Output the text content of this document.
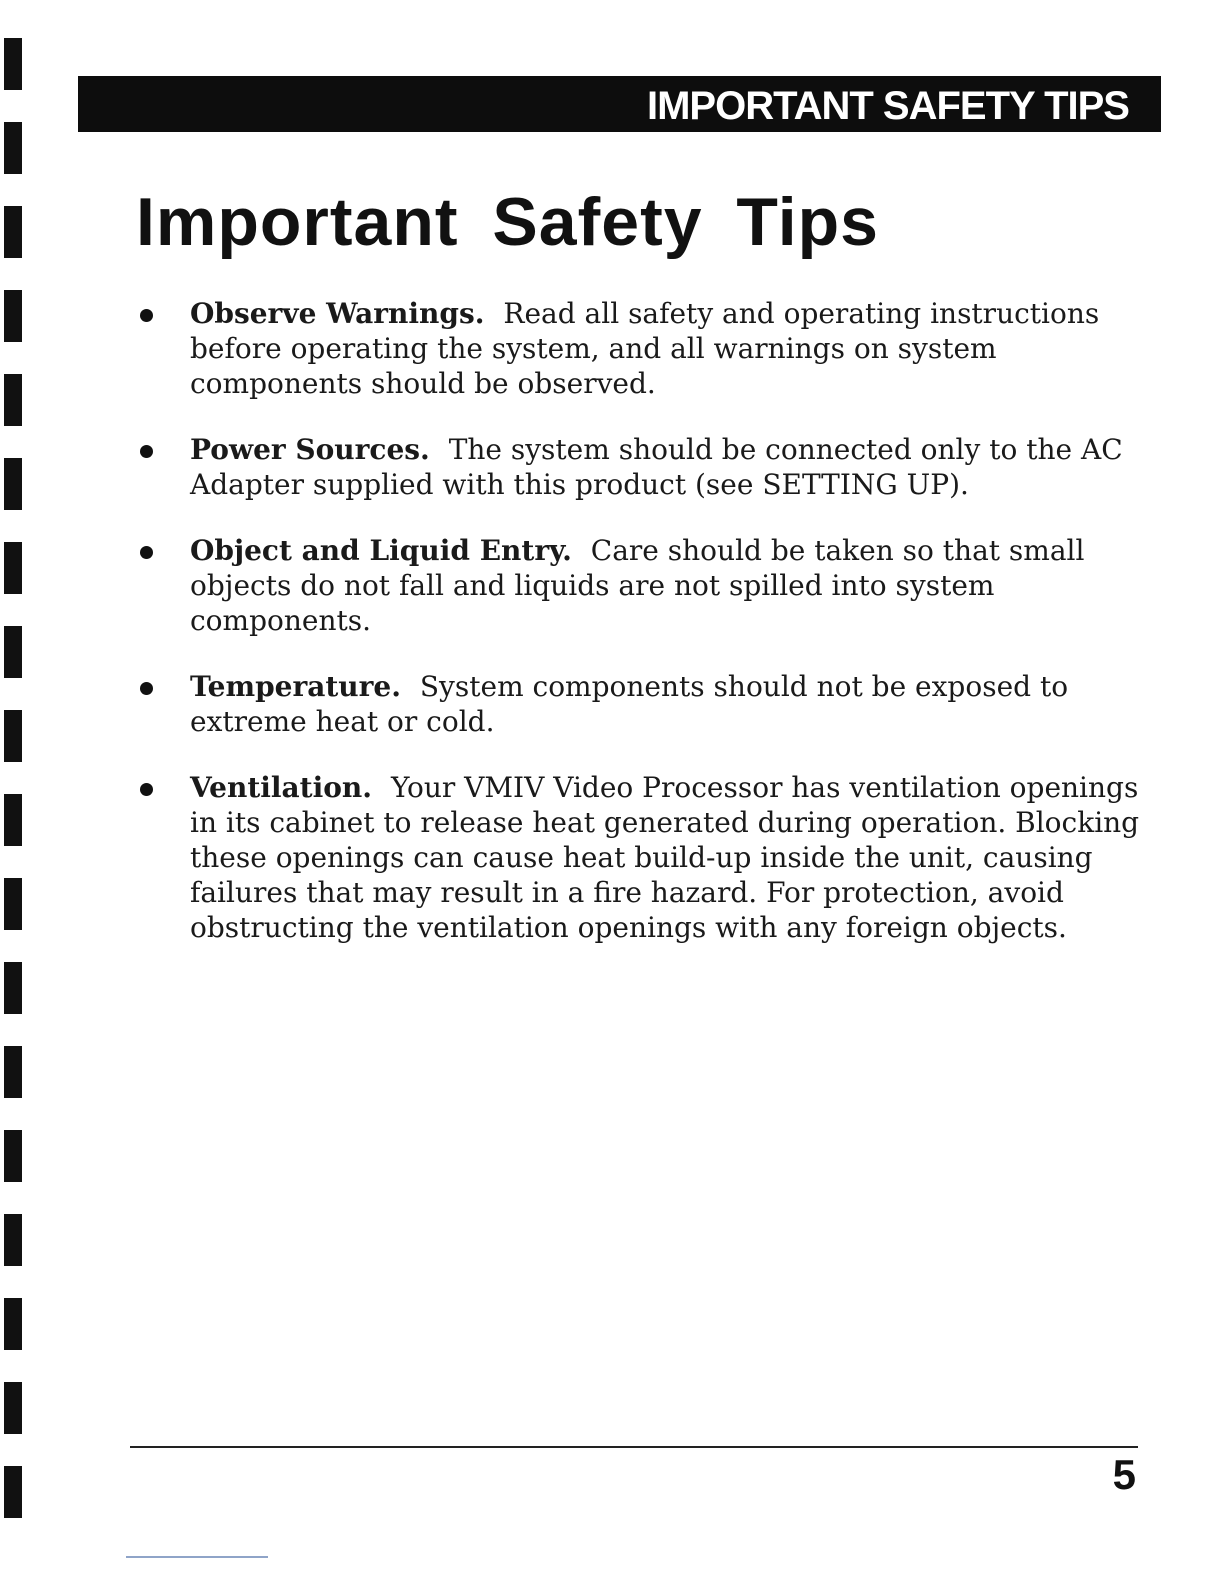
IMPORTANT SAFETY TIPS
Important Safety Tips
Observe Warnings. Read all safety and operating instructions before operating the system, and all warnings on system components should be observed.
Power Sources. The system should be connected only to the AC Adapter supplied with this product (see SETTING UP).
Object and Liquid Entry. Care should be taken so that small objects do not fall and liquids are not spilled into system components.
Temperature. System components should not be exposed to extreme heat or cold.
Ventilation. Your VMIV Video Processor has ventilation openings in its cabinet to release heat generated during operation. Blocking these openings can cause heat build-up inside the unit, causing failures that may result in a fire hazard. For protection, avoid obstructing the ventilation openings with any foreign objects.
5
